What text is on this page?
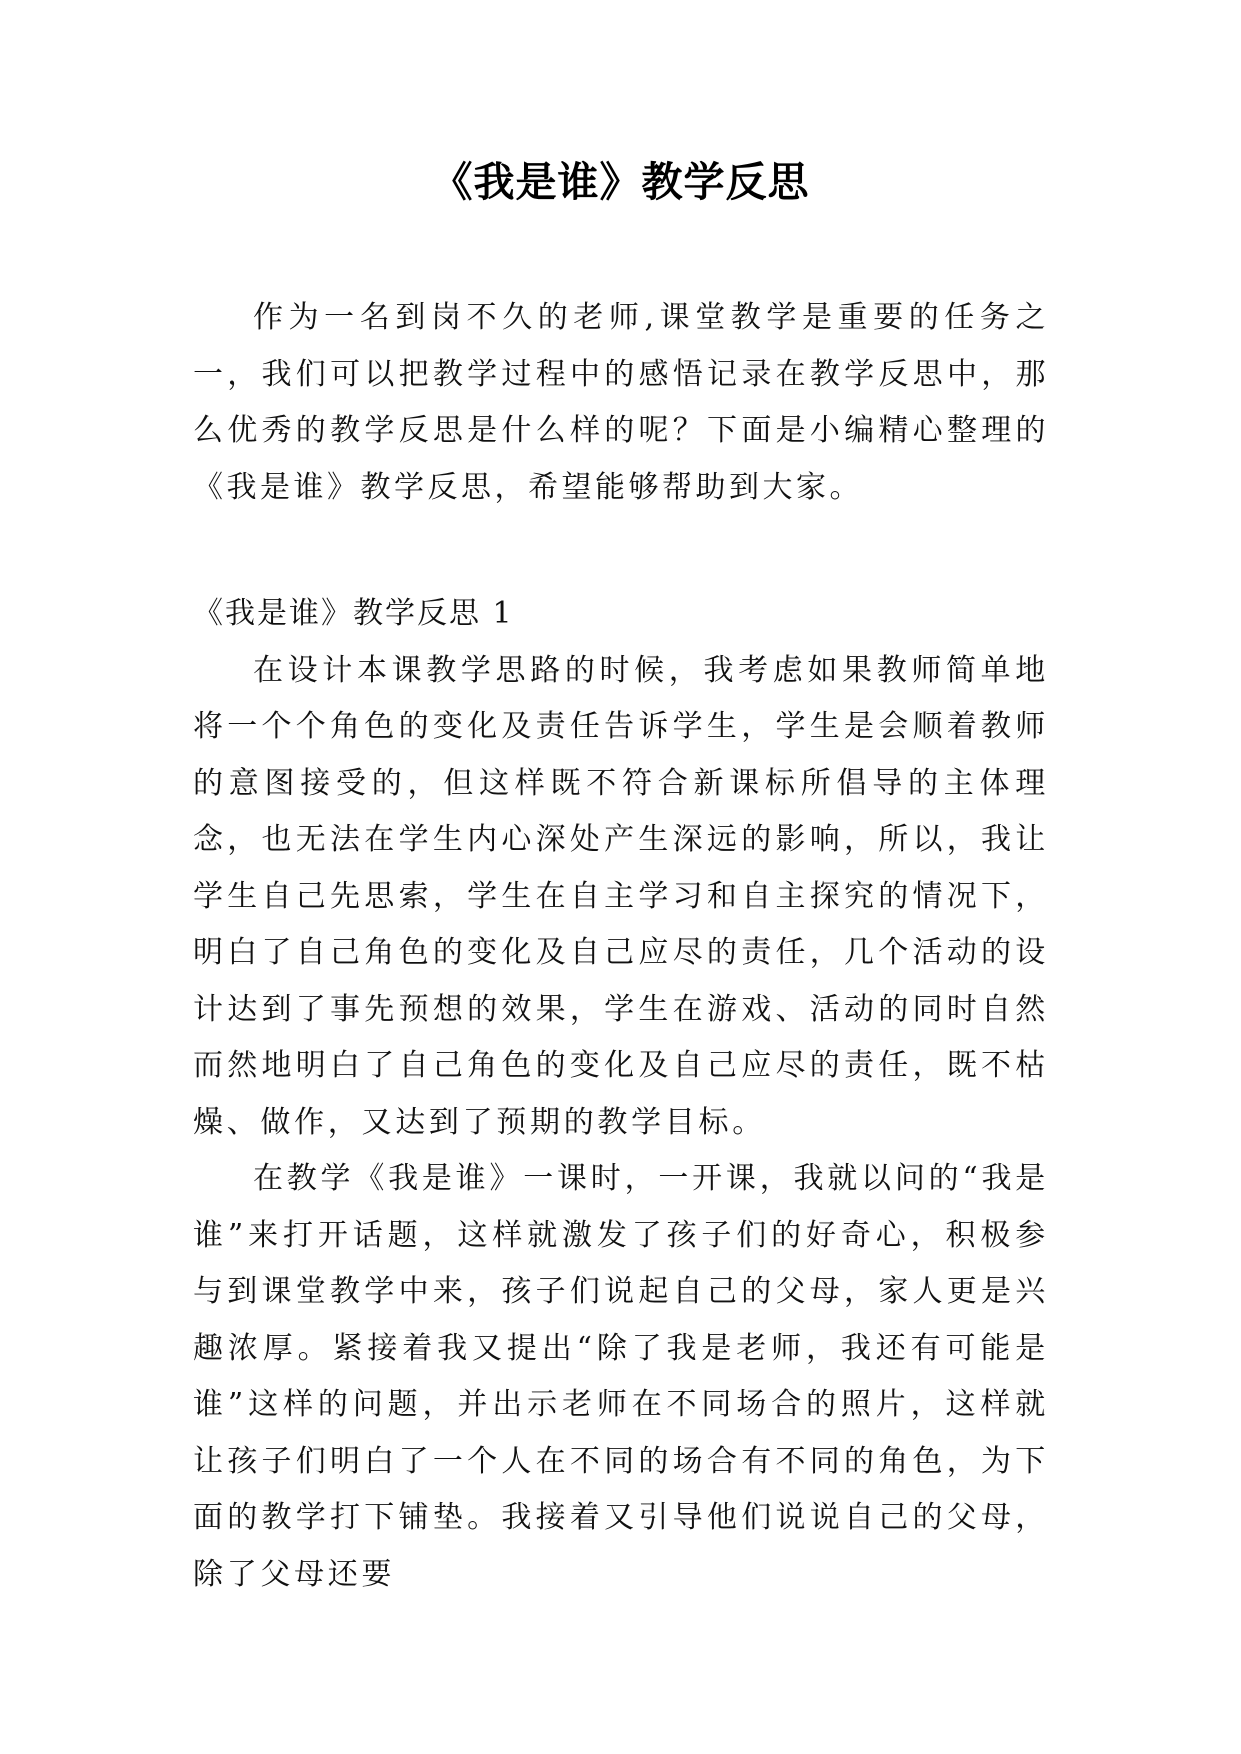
《我是谁》教学反思

作为一名到岗不久的老师,课堂教学是重要的任务之一，我们可以把教学过程中的感悟记录在教学反思中，那么优秀的教学反思是什么样的呢？下面是小编精心整理的《我是谁》教学反思，希望能够帮助到大家。

《我是谁》教学反思 1

在设计本课教学思路的时候，我考虑如果教师简单地将一个个角色的变化及责任告诉学生，学生是会顺着教师的意图接受的，但这样既不符合新课标所倡导的主体理念，也无法在学生内心深处产生深远的影响，所以，我让学生自己先思索，学生在自主学习和自主探究的情况下，明白了自己角色的变化及自己应尽的责任，几个活动的设计达到了事先预想的效果，学生在游戏、活动的同时自然而然地明白了自己角色的变化及自己应尽的责任，既不枯燥、做作，又达到了预期的教学目标。

在教学《我是谁》一课时，一开课，我就以问的“我是谁”来打开话题，这样就激发了孩子们的好奇心，积极参与到课堂教学中来，孩子们说起自己的父母，家人更是兴趣浓厚。紧接着我又提出“除了我是老师，我还有可能是谁”这样的问题，并出示老师在不同场合的照片，这样就让孩子们明白了一个人在不同的场合有不同的角色，为下面的教学打下铺垫。我接着又引导他们说说自己的父母，除了父母还要
